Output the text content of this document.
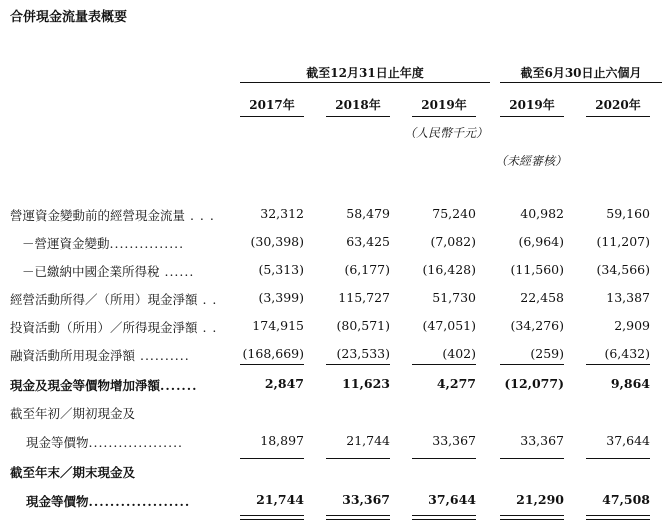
合併現金流量表概要
截至12月31日止年度	截至6月30日止六個月
2017年	2018年	2019年	2019年	2020年
（人民幣千元）
（未經審核）
營運資金變動前的經營現金流量 . . .	32,312	58,479	75,240	40,982	59,160
－營運資金變動...............	(30,398)	63,425	(7,082)	(6,964)	(11,207)
－已繳納中國企業所得稅 ......	(5,313)	(6,177)	(16,428)	(11,560)	(34,566)
經營活動所得／（所用）現金淨額 . .	(3,399)	115,727	51,730	22,458	13,387
投資活動（所用）／所得現金淨額 . .	174,915	(80,571)	(47,051)	(34,276)	2,909
融資活動所用現金淨額 ..........	(168,669)	(23,533)	(402)	(259)	(6,432)
現金及現金等價物增加淨額.......	2,847	11,623	4,277	(12,077)	9,864
截至年初／期初現金及
現金等價物...................	18,897	21,744	33,367	33,367	37,644
截至年末／期末現金及
現金等價物...................	21,744	33,367	37,644	21,290	47,508
